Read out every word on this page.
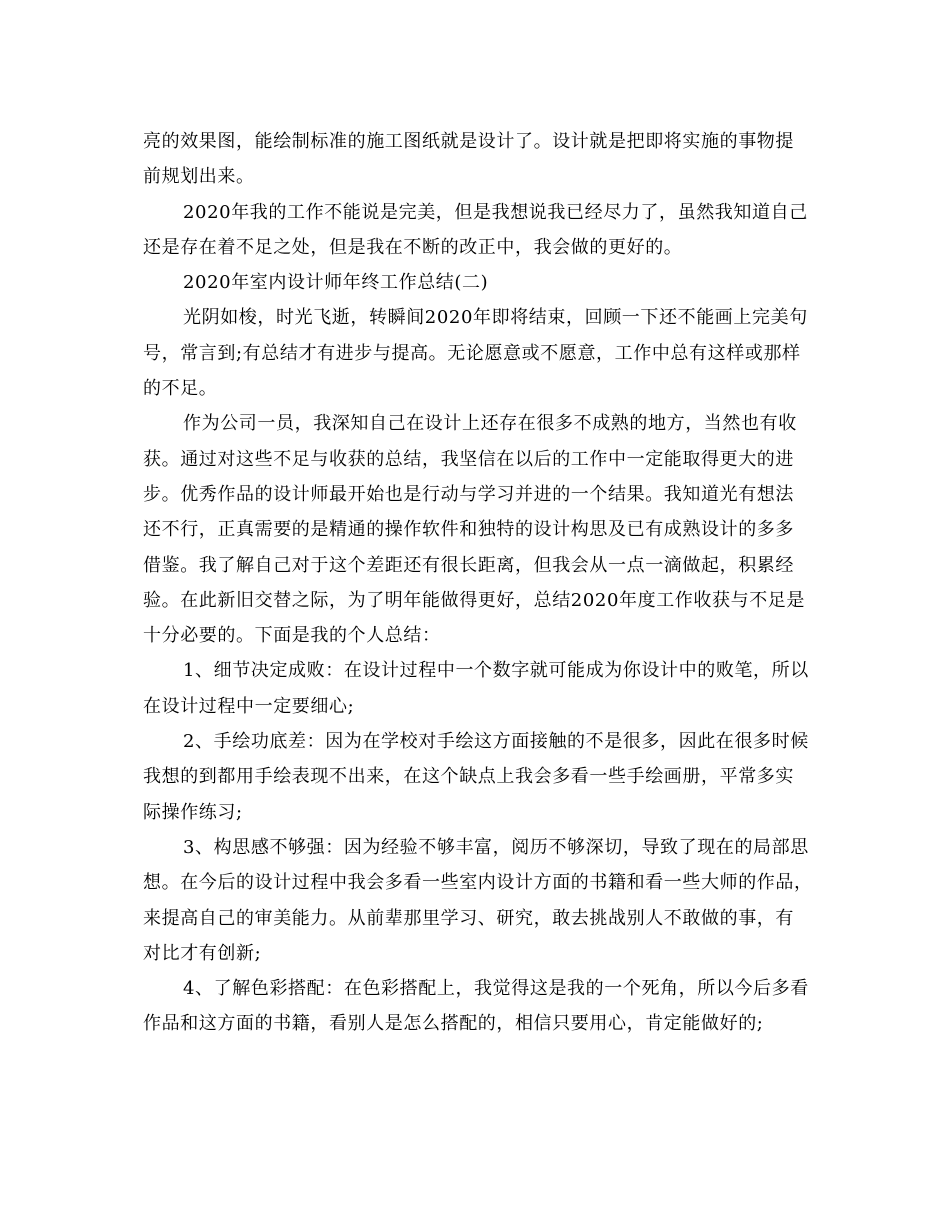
亮的效果图，能绘制标准的施工图纸就是设计了。设计就是把即将实施的事物提
前规划出来。
2020年我的工作不能说是完美，但是我想说我已经尽力了，虽然我知道自己
还是存在着不足之处，但是我在不断的改正中，我会做的更好的。
2020年室内设计师年终工作总结(二)
光阴如梭，时光飞逝，转瞬间2020年即将结束，回顾一下还不能画上完美句
号，常言到;有总结才有进步与提高。无论愿意或不愿意，工作中总有这样或那样
的不足。
作为公司一员，我深知自己在设计上还存在很多不成熟的地方，当然也有收
获。通过对这些不足与收获的总结，我坚信在以后的工作中一定能取得更大的进
步。优秀作品的设计师最开始也是行动与学习并进的一个结果。我知道光有想法
还不行，正真需要的是精通的操作软件和独特的设计构思及已有成熟设计的多多
借鉴。我了解自己对于这个差距还有很长距离，但我会从一点一滴做起，积累经
验。在此新旧交替之际，为了明年能做得更好，总结2020年度工作收获与不足是
十分必要的。下面是我的个人总结：
1、细节决定成败：在设计过程中一个数字就可能成为你设计中的败笔，所以
在设计过程中一定要细心;
2、手绘功底差：因为在学校对手绘这方面接触的不是很多，因此在很多时候
我想的到都用手绘表现不出来，在这个缺点上我会多看一些手绘画册，平常多实
际操作练习;
3、构思感不够强：因为经验不够丰富，阅历不够深切，导致了现在的局部思
想。在今后的设计过程中我会多看一些室内设计方面的书籍和看一些大师的作品，
来提高自己的审美能力。从前辈那里学习、研究，敢去挑战别人不敢做的事，有
对比才有创新;
4、了解色彩搭配：在色彩搭配上，我觉得这是我的一个死角，所以今后多看
作品和这方面的书籍，看别人是怎么搭配的，相信只要用心，肯定能做好的;
